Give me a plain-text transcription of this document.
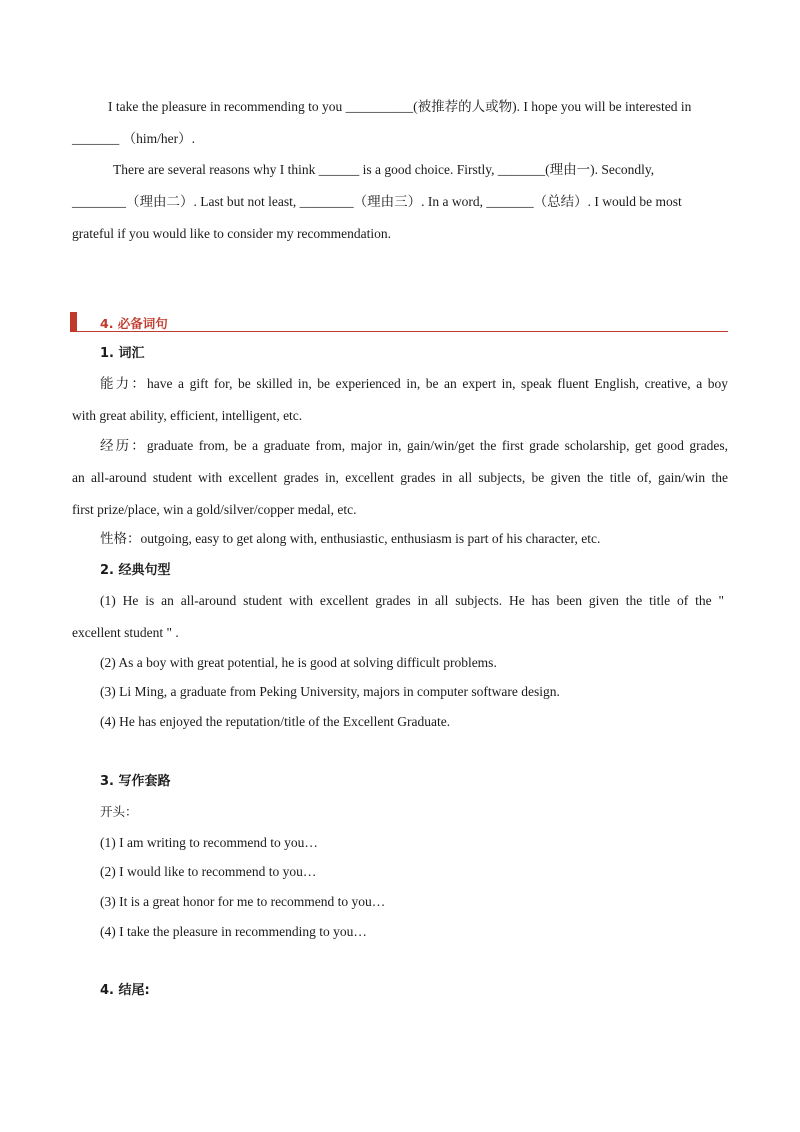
I take the pleasure in recommending to you __________(被推荐的人或物). I hope you will be interested in
_______ （him/her）.
There are several reasons why I think ______ is a good choice. Firstly, _______(理由一). Secondly,
________（理由二）. Last but not least, ________（理由三）. In a word, _______（总结）. I would be most
grateful if you would like to consider my recommendation.
4. 必备词句
1. 词汇
能力：have a gift for, be skilled in, be experienced in, be an expert in, speak fluent English, creative, a boy
with great ability, efficient, intelligent, etc.
经历：graduate from, be a graduate from, major in, gain/win/get the first grade scholarship, get good grades,
an all-around student with excellent grades in, excellent grades in all subjects, be given the title of, gain/win the
first prize/place, win a gold/silver/copper medal, etc.
性格：outgoing, easy to get along with, enthusiastic, enthusiasm is part of his character, etc.
2. 经典句型
(1) He is an all-around student with excellent grades in all subjects. He has been given the title of the "
excellent student " .
(2) As a boy with great potential, he is good at solving difficult problems.
(3) Li Ming, a graduate from Peking University, majors in computer software design.
(4) He has enjoyed the reputation/title of the Excellent Graduate.
3. 写作套路
开头：
(1) I am writing to recommend to you…
(2) I would like to recommend to you…
(3) It is a great honor for me to recommend to you…
(4) I take the pleasure in recommending to you…
4. 结尾:
